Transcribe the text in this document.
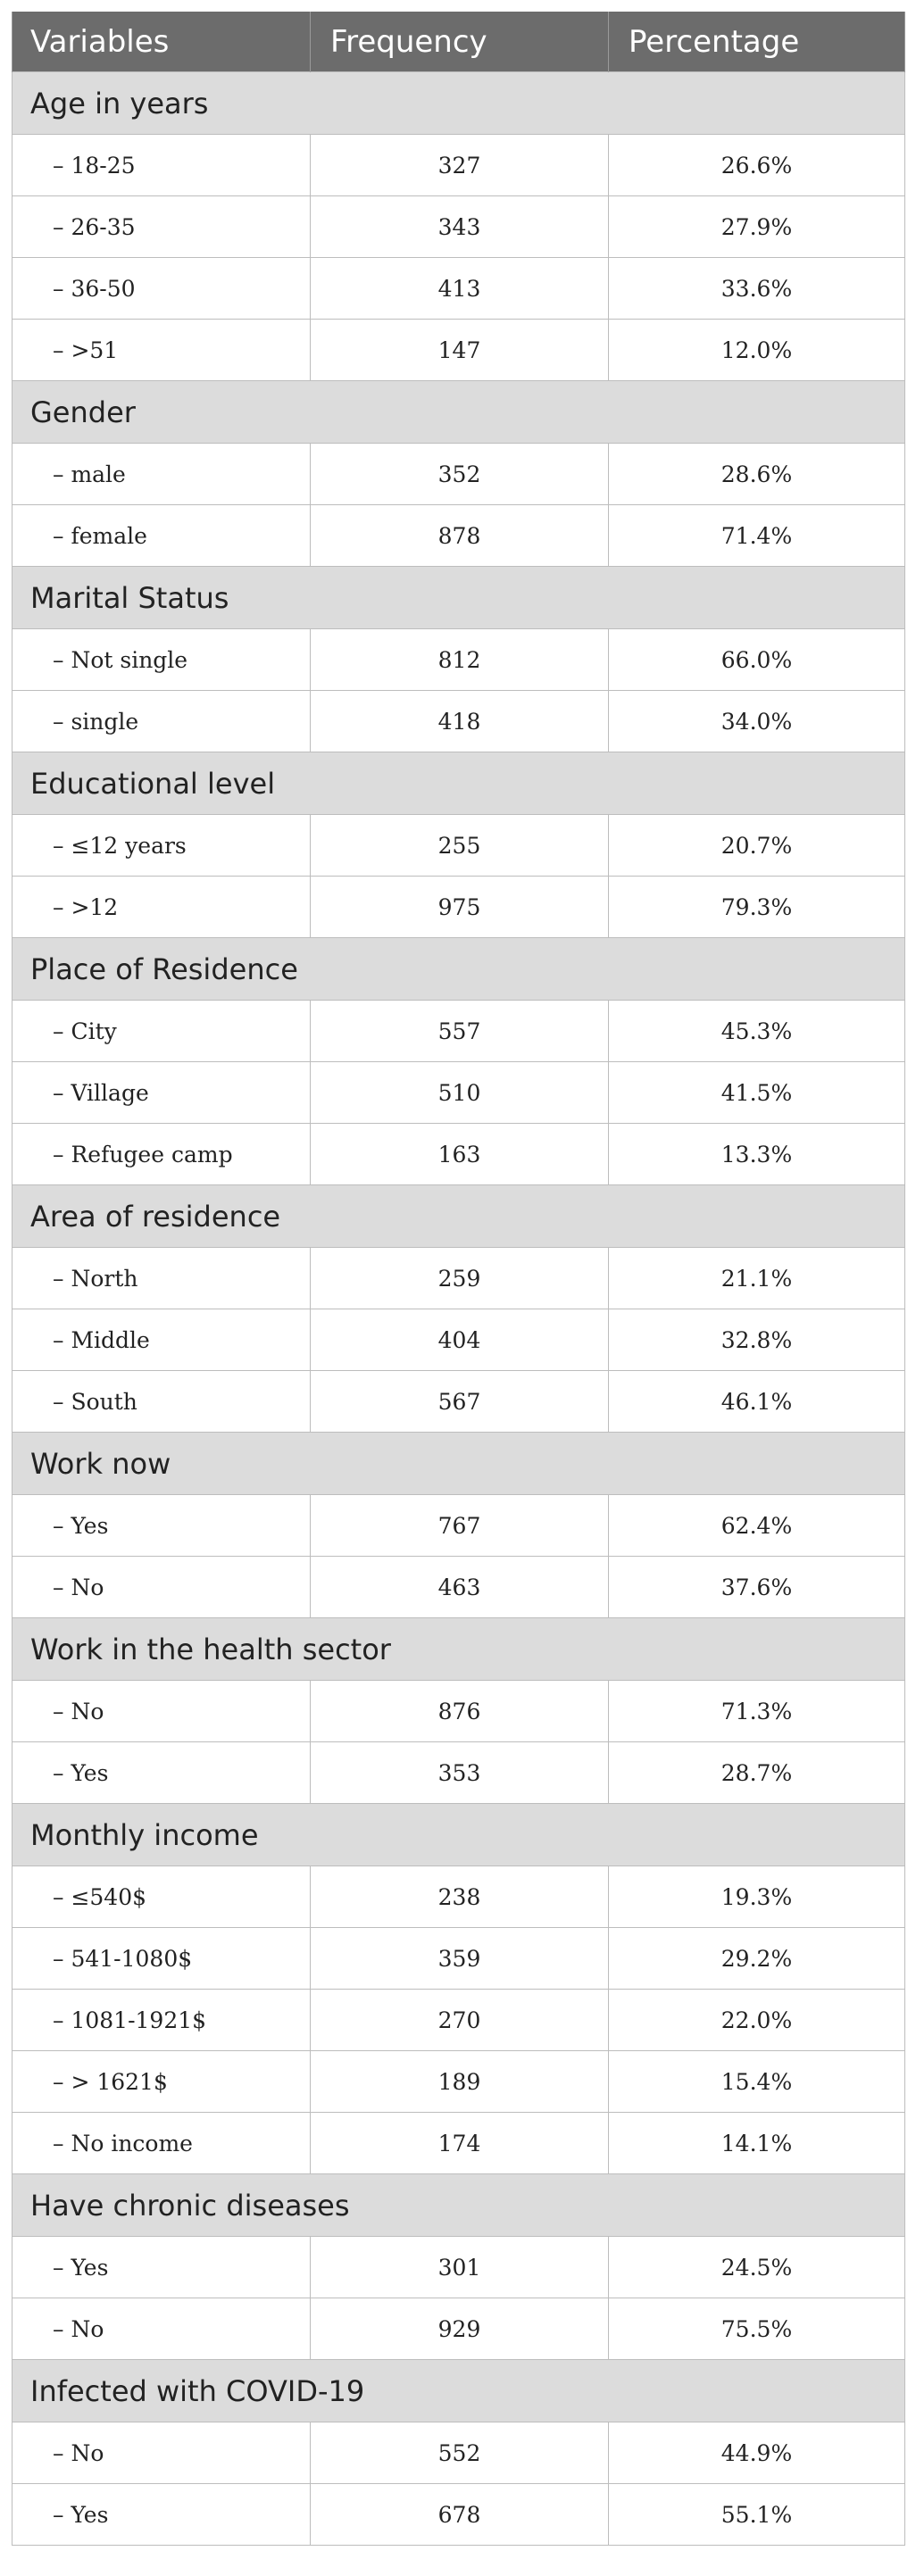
Variables	Frequency	Percentage
Age in years		
– 18-25	327	26.6%
– 26-35	343	27.9%
– 36-50	413	33.6%
– >51	147	12.0%
Gender		
– male	352	28.6%
– female	878	71.4%
Marital Status		
– Not single	812	66.0%
– single	418	34.0%
Educational level		
– ≤12 years	255	20.7%
– >12	975	79.3%
Place of Residence		
– City	557	45.3%
– Village	510	41.5%
– Refugee camp	163	13.3%
Area of residence		
– North	259	21.1%
– Middle	404	32.8%
– South	567	46.1%
Work now		
– Yes	767	62.4%
– No	463	37.6%
Work in the health sector		
– No	876	71.3%
– Yes	353	28.7%
Monthly income		
– ≤540$	238	19.3%
– 541-1080$	359	29.2%
– 1081-1921$	270	22.0%
– > 1621$	189	15.4%
– No income	174	14.1%
Have chronic diseases		
– Yes	301	24.5%
– No	929	75.5%
Infected with COVID-19		
– No	552	44.9%
– Yes	678	55.1%
